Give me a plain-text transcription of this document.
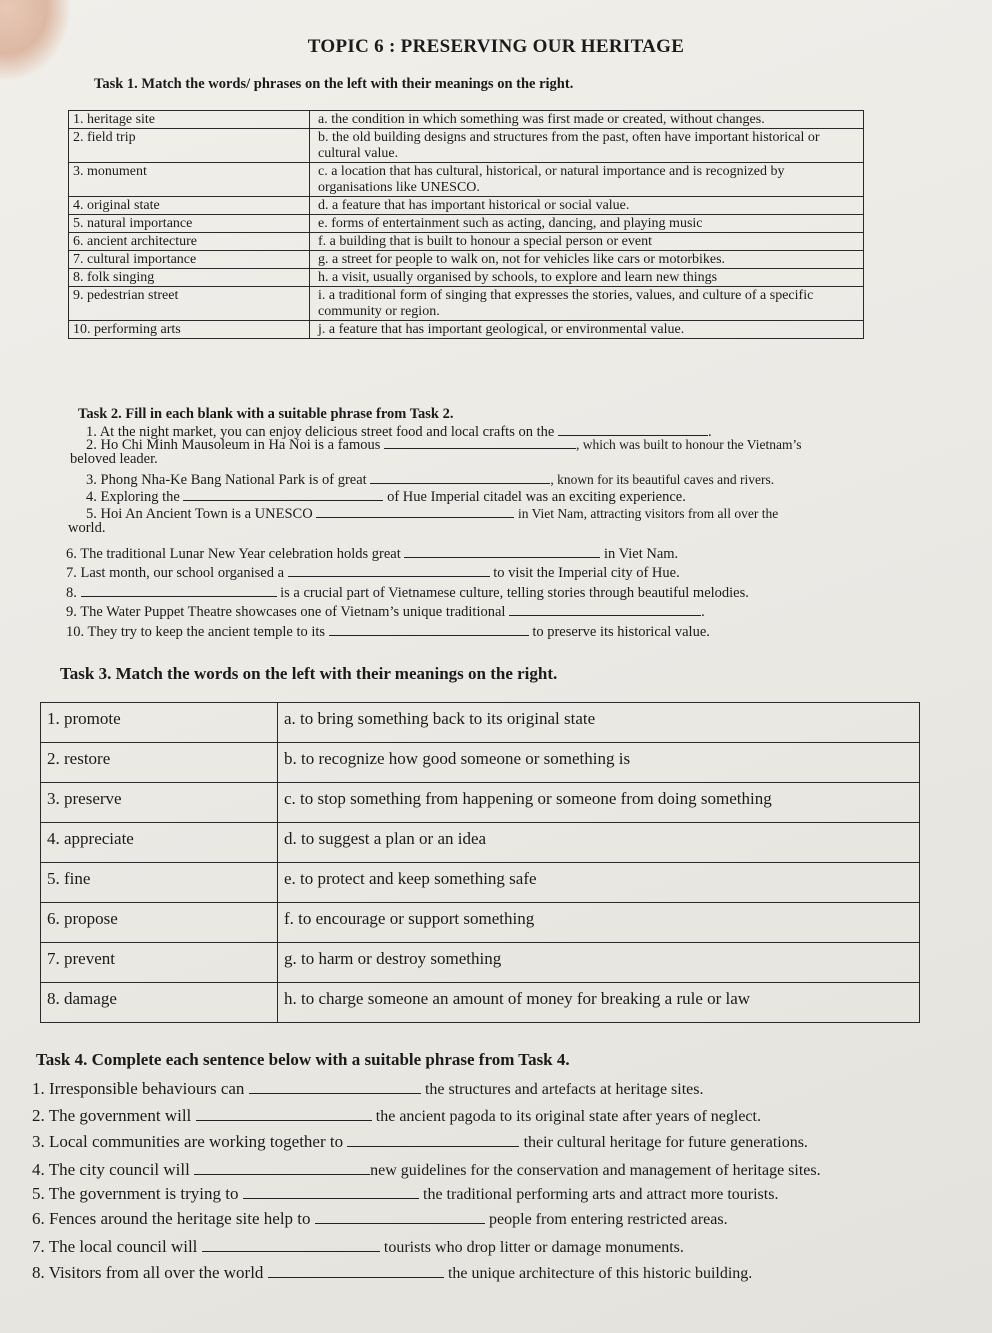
TOPIC 6 : PRESERVING OUR HERITAGE
Task 1. Match the words/ phrases on the left with their meanings on the right.
1. heritage site	a. the condition in which something was first made or created, without changes.
2. field trip	b. the old building designs and structures from the past, often have important historical or cultural value.
3. monument	c. a location that has cultural, historical, or natural importance and is recognized by organisations like UNESCO.
4. original state	d. a feature that has important historical or social value.
5. natural importance	e. forms of entertainment such as acting, dancing, and playing music
6. ancient architecture	f. a building that is built to honour a special person or event
7. cultural importance	g. a street for people to walk on, not for vehicles like cars or motorbikes.
8. folk singing	h. a visit, usually organised by schools, to explore and learn new things
9. pedestrian street	i. a traditional form of singing that expresses the stories, values, and culture of a specific community or region.
10. performing arts	j. a feature that has important geological, or environmental value.
Task 2. Fill in each blank with a suitable phrase from Task 2.
1. At the night market, you can enjoy delicious street food and local crafts on the	.
2. Ho Chi Minh Mausoleum in Ha Noi is a famous	, which was built to honour the Vietnam’s
beloved leader.
3. Phong Nha-Ke Bang National Park is of great	, known for its beautiful caves and rivers.
4. Exploring the	of Hue Imperial citadel was an exciting experience.
5. Hoi An Ancient Town is a UNESCO	in Viet Nam, attracting visitors from all over the
world.
6. The traditional Lunar New Year celebration holds great	in Viet Nam.
7. Last month, our school organised a	to visit the Imperial city of Hue.
8.	is a crucial part of Vietnamese culture, telling stories through beautiful melodies.
9. The Water Puppet Theatre showcases one of Vietnam’s unique traditional	.
10. They try to keep the ancient temple to its	to preserve its historical value.
Task 3. Match the words on the left with their meanings on the right.
1. promote	a. to bring something back to its original state
2. restore	b. to recognize how good someone or something is
3. preserve	c. to stop something from happening or someone from doing something
4. appreciate	d. to suggest a plan or an idea
5. fine	e. to protect and keep something safe
6. propose	f. to encourage or support something
7. prevent	g. to harm or destroy something
8. damage	h. to charge someone an amount of money for breaking a rule or law
Task 4. Complete each sentence below with a suitable phrase from Task 4.
1. Irresponsible behaviours can	the structures and artefacts at heritage sites.
2. The government will	the ancient pagoda to its original state after years of neglect.
3. Local communities are working together to	their cultural heritage for future generations.
4. The city council will	new guidelines for the conservation and management of heritage sites.
5. The government is trying to	the traditional performing arts and attract more tourists.
6. Fences around the heritage site help to	people from entering restricted areas.
7. The local council will	tourists who drop litter or damage monuments.
8. Visitors from all over the world	the unique architecture of this historic building.
